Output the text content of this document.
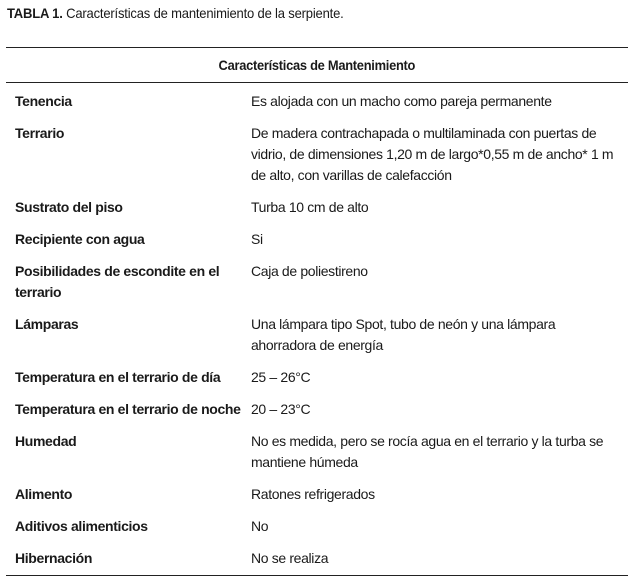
TABLA 1. Características de mantenimiento de la serpiente.
Características de Mantenimiento	
Tenencia	Es alojada con un macho como pareja permanente
Terrario	De madera contrachapada o multilaminada con puertas de vidrio, de dimensiones 1,20 m de largo*0,55 m de ancho* 1 m de alto, con varillas de calefacción
Sustrato del piso	Turba 10 cm de alto
Recipiente con agua	Si
Posibilidades de escondite en el terrario	Caja de poliestireno
Lámparas	Una lámpara tipo Spot, tubo de neón y una lámpara ahorradora de energía
Temperatura en el terrario de día	25 – 26°C
Temperatura en el terrario de noche	20 – 23°C
Humedad	No es medida, pero se rocía agua en el terrario y la turba se mantiene húmeda
Alimento	Ratones refrigerados
Aditivos alimenticios	No
Hibernación	No se realiza
